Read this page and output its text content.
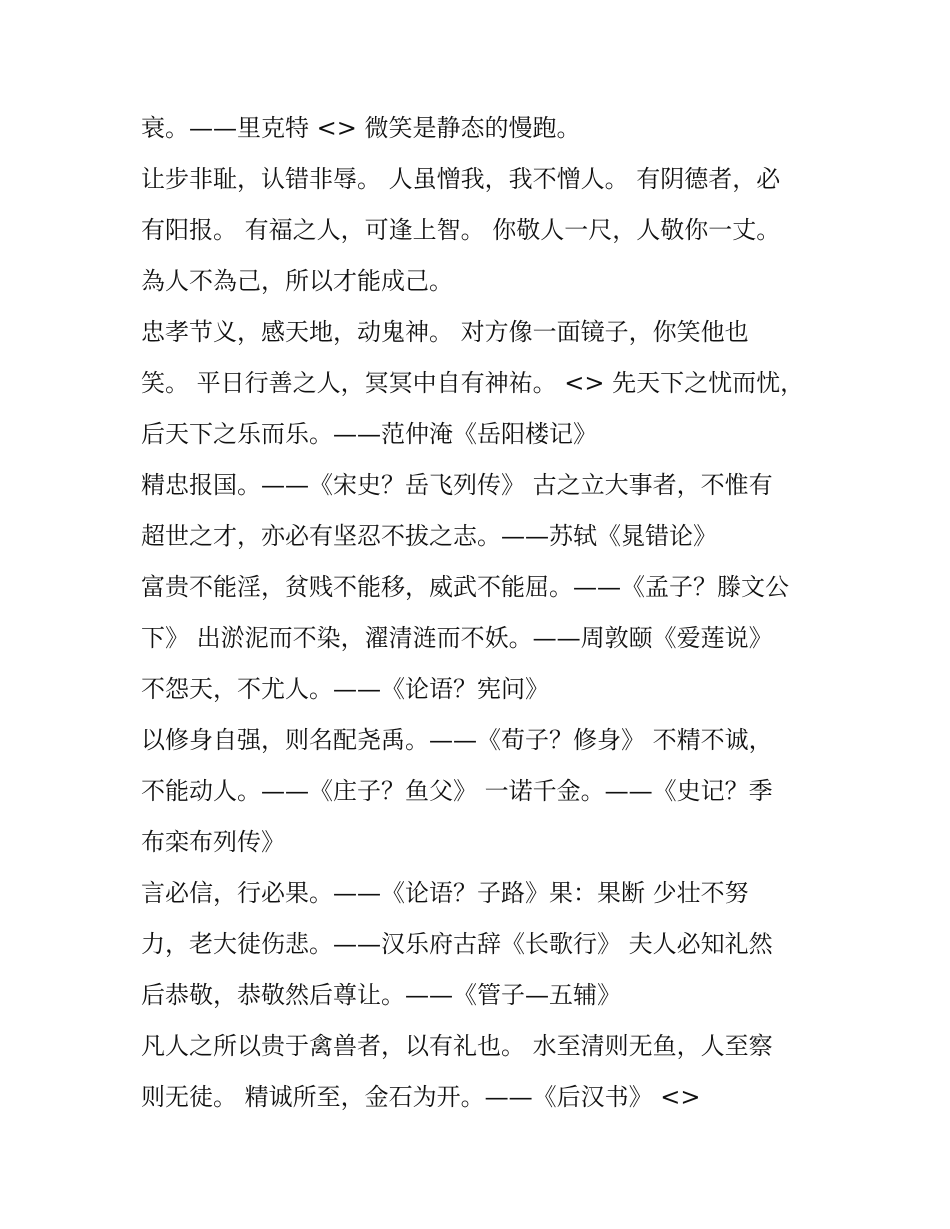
衰。——里克特 <> 微笑是静态的慢跑。
让步非耻，认错非辱。 人虽憎我，我不憎人。 有阴德者，必
有阳报。 有福之人，可逢上智。 你敬人一尺，人敬你一丈。
為人不為己，所以才能成己。
忠孝节义，感天地，动鬼神。 对方像一面镜子，你笑他也
笑。 平日行善之人，冥冥中自有神祐。 <> 先天下之忧而忧，
后天下之乐而乐。——范仲淹《岳阳楼记》
精忠报国。——《宋史？岳飞列传》 古之立大事者，不惟有
超世之才，亦必有坚忍不拔之志。——苏轼《晁错论》
富贵不能淫，贫贱不能移，威武不能屈。——《孟子？滕文公
下》 出淤泥而不染，濯清涟而不妖。——周敦颐《爱莲说》
不怨天，不尤人。——《论语？宪问》
以修身自强，则名配尧禹。——《荀子？修身》 不精不诚，
不能动人。——《庄子？鱼父》 一诺千金。——《史记？季
布栾布列传》
言必信，行必果。——《论语？子路》果：果断 少壮不努
力，老大徒伤悲。——汉乐府古辞《长歌行》 夫人必知礼然
后恭敬，恭敬然后尊让。——《管子—五辅》
凡人之所以贵于禽兽者，以有礼也。 水至清则无鱼，人至察
则无徒。 精诚所至，金石为开。——《后汉书》 <>
